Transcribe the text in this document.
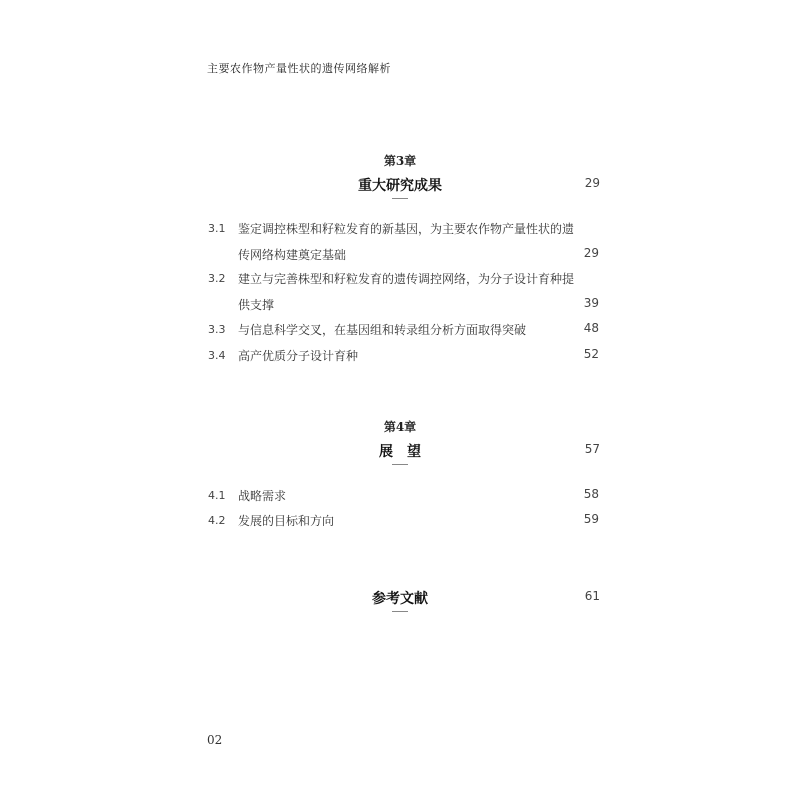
主要农作物产量性状的遗传网络解析
第3章
重大研究成果	29
3.1 鉴定调控株型和籽粒发育的新基因，为主要农作物产量性状的遗
传网络构建奠定基础	29
3.2 建立与完善株型和籽粒发育的遗传调控网络，为分子设计育种提
供支撑	39
3.3 与信息科学交叉，在基因组和转录组分析方面取得突破	48
3.4 高产优质分子设计育种	52
第4章
展　望	57
4.1 战略需求	58
4.2 发展的目标和方向	59
参考文献	61
02
